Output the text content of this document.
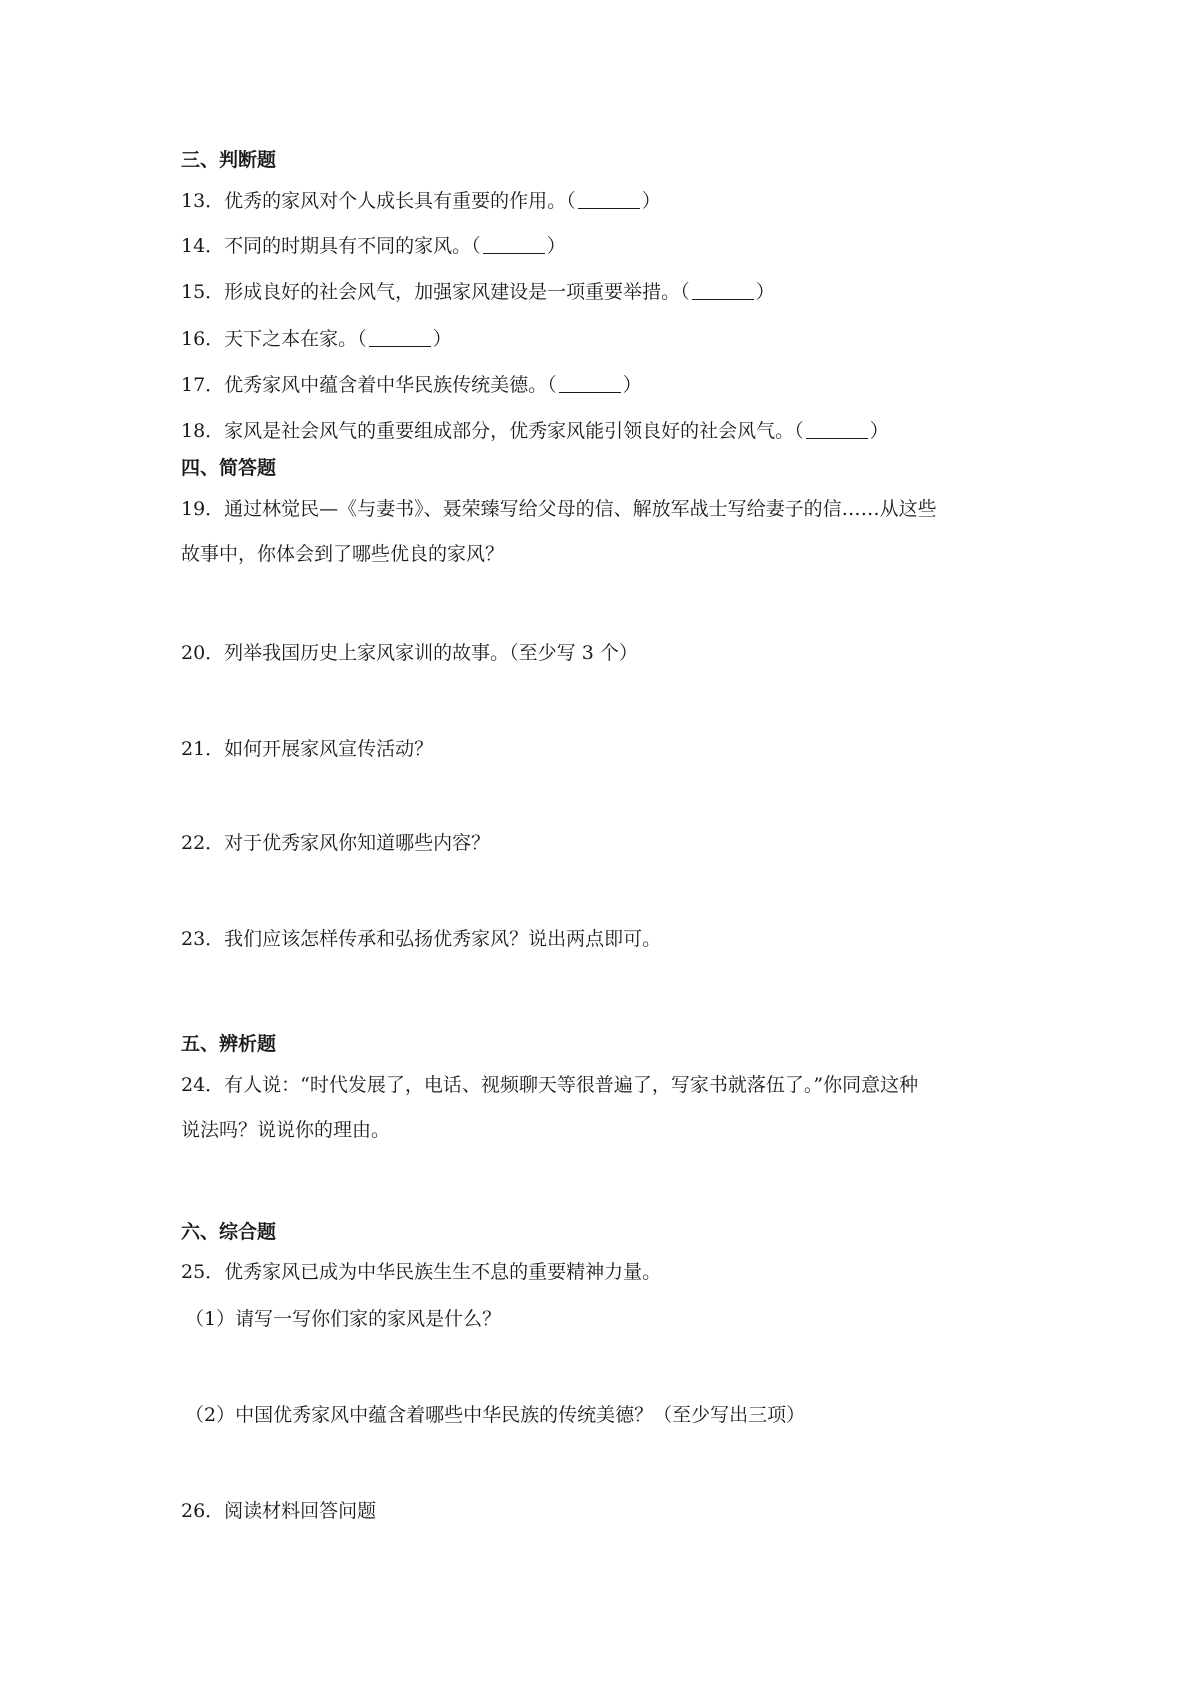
三、判断题
13．优秀的家风对个人成长具有重要的作用。（	）
14．不同的时期具有不同的家风。（	）
15．形成良好的社会风气，加强家风建设是一项重要举措。（	）
16．天下之本在家。（	）
17．优秀家风中蕴含着中华民族传统美德。（	）
18．家风是社会风气的重要组成部分，优秀家风能引领良好的社会风气。（	）
四、简答题
19．通过林觉民—《与妻书》、聂荣臻写给父母的信、解放军战士写给妻子的信……从这些
故事中，你体会到了哪些优良的家风？
20．列举我国历史上家风家训的故事。（至少写 3 个）
21．如何开展家风宣传活动？
22．对于优秀家风你知道哪些内容？
23．我们应该怎样传承和弘扬优秀家风？说出两点即可。
五、辨析题
24．有人说：“时代发展了，电话、视频聊天等很普遍了，写家书就落伍了。”你同意这种
说法吗？说说你的理由。
六、综合题
25．优秀家风已成为中华民族生生不息的重要精神力量。
（1）请写一写你们家的家风是什么？
（2）中国优秀家风中蕴含着哪些中华民族的传统美德？（至少写出三项）
26．阅读材料回答问题
